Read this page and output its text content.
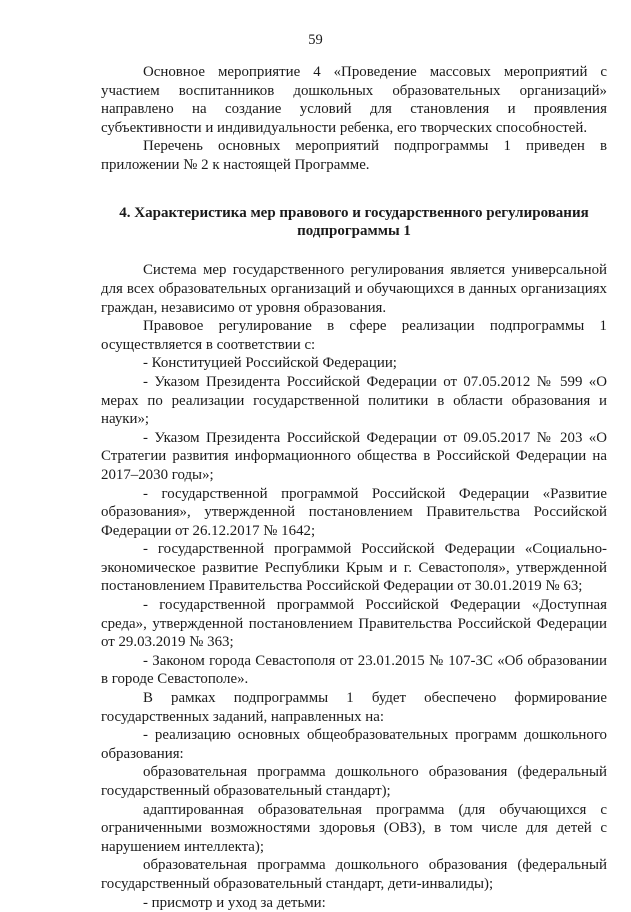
59

Основное мероприятие 4 «Проведение массовых мероприятий с участием воспитанников дошкольных образовательных организаций» направлено на создание условий для становления и проявления субъективности и индивидуальности ребенка, его творческих способностей.

Перечень основных мероприятий подпрограммы 1 приведен в приложении № 2 к настоящей Программе.

4. Характеристика мер правового и государственного регулирования
подпрограммы 1

Система мер государственного регулирования является универсальной для всех образовательных организаций и обучающихся в данных организациях граждан, независимо от уровня образования.

Правовое регулирование в сфере реализации подпрограммы 1 осуществляется в соответствии с:

- Конституцией Российской Федерации;

- Указом Президента Российской Федерации от 07.05.2012 № 599 «О мерах по реализации государственной политики в области образования и науки»;

- Указом Президента Российской Федерации от 09.05.2017 № 203 «О Стратегии развития информационного общества в Российской Федерации на 2017–2030 годы»;

- государственной программой Российской Федерации «Развитие образования», утвержденной постановлением Правительства Российской Федерации от 26.12.2017 № 1642;

- государственной программой Российской Федерации «Социально-экономическое развитие Республики Крым и г. Севастополя», утвержденной постановлением Правительства Российской Федерации от 30.01.2019 № 63;

- государственной программой Российской Федерации «Доступная среда», утвержденной постановлением Правительства Российской Федерации от 29.03.2019 № 363;

- Законом города Севастополя от 23.01.2015 № 107-ЗС «Об образовании в городе Севастополе».

В рамках подпрограммы 1 будет обеспечено формирование государственных заданий, направленных на:

- реализацию основных общеобразовательных программ дошкольного образования:

образовательная программа дошкольного образования (федеральный государственный образовательный стандарт);

адаптированная образовательная программа (для обучающихся с ограниченными возможностями здоровья (ОВЗ), в том числе для детей с нарушением интеллекта);

образовательная программа дошкольного образования (федеральный государственный образовательный стандарт, дети-инвалиды);

- присмотр и уход за детьми:
